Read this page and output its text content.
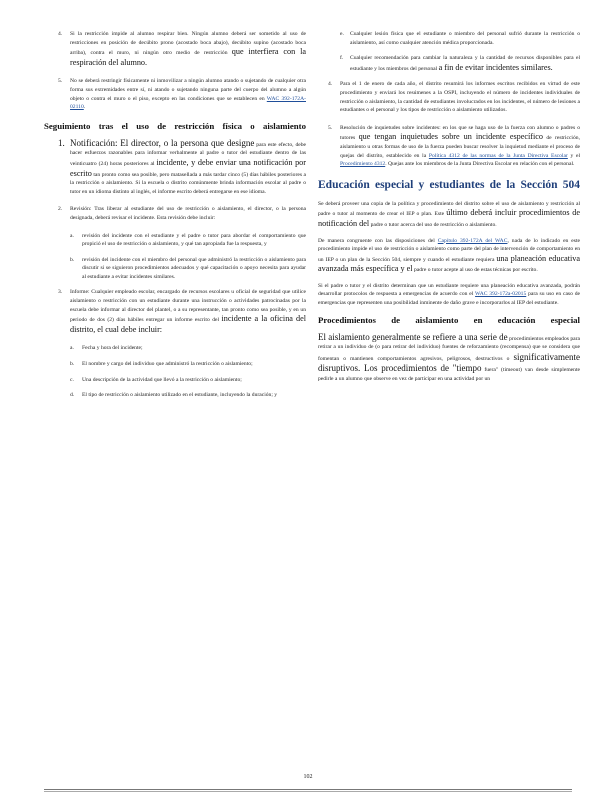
4. Si la restricción impide al alumno respirar bien. Ningún alumno deberá ser sometido al uso de restricciones en posición de decúbito prono (acostado boca abajo), decúbito supino (acostado boca arriba), contra el muro, ni ningún otro medio de restricción que interfiera con la respiración del alumno.
5. No se deberá restringir físicamente ni inmovilizar a ningún alumno atando o sujetando de cualquier otra forma sus extremidades entre sí, ni atando o sujetando ninguna parte del cuerpo del alumno a algún objeto o contra el muro o el piso, excepto en las condiciones que se establecen en WAC 392-172A-02110.
Seguimiento tras el uso de restricción física o aislamiento
1. Notificación: El director, o la persona que designe para este efecto, debe hacer esfuerzos razonables para informar verbalmente al padre o tutor del estudiante dentro de las veinticuatro (24) horas posteriores al incidente, y debe enviar una notificación por escrito tan pronto como sea posible, pero matasellada a más tardar cinco (5) días hábiles posteriores a la restricción o aislamiento. Si la escuela o distrito comúnmente brinda información escolar al padre o tutor en un idioma distinto al inglés, el informe escrito deberá entregarse en ese idioma.
2. Revisión: Tras liberar al estudiante del uso de restricción o aislamiento, el director, o la persona designada, deberá revisar el incidente. Esta revisión debe incluir:
a. revisión del incidente con el estudiante y el padre o tutor para abordar el comportamiento que propició el uso de restricción o aislamiento, y qué tan apropiada fue la respuesta, y
b. revisión del incidente con el miembro del personal que administró la restricción o aislamiento para discutir si se siguieron procedimientos adecuados y qué capacitación o apoyo necesita para ayudar al estudiante a evitar incidentes similares.
3. Informe: Cualquier empleado escolar, encargado de recursos escolares u oficial de seguridad que utilice aislamiento o restricción con un estudiante durante una instrucción o actividades patrocinadas por la escuela debe informar al director del plantel, o a su representante, tan pronto como sea posible, y en un periodo de dos (2) días hábiles entregar un informe escrito del incidente a la oficina del distrito, el cual debe incluir:
a. Fecha y hora del incidente;
b. El nombre y cargo del individuo que administró la restricción o aislamiento;
c. Una descripción de la actividad que llevó a la restricción o aislamiento;
d. El tipo de restricción o aislamiento utilizado en el estudiante, incluyendo la duración; y
e. Cualquier lesión física que el estudiante o miembro del personal sufrió durante la restricción o aislamiento, así como cualquier atención médica proporcionada.
f. Cualquier recomendación para cambiar la naturaleza y la cantidad de recursos disponibles para el estudiante y los miembros del personal a fin de evitar incidentes similares.
4. Para el 1 de enero de cada año, el distrito resumirá los informes escritos recibidos en virtud de este procedimiento y enviará los resúmenes a la OSPI, incluyendo el número de incidentes individuales de restricción o aislamiento, la cantidad de estudiantes involucrados en los incidentes, el número de lesiones a estudiantes o el personal y los tipos de restricción o aislamiento utilizados.
5. Resolución de inquietudes sobre incidentes: en los que se haga uso de la fuerza con alumno o padres o tutores que tengan inquietudes sobre un incidente específico de restricción, aislamiento u otras formas de uso de la fuerza pueden buscar resolver la inquietud mediante el proceso de quejas del distrito, establecido en la Política 4312 de las normas de la Junta Directiva Escolar y el Procedimiento 4312. Quejas ante los miembros de la Junta Directiva Escolar en relación con el personal.
Educación especial y estudiantes de la Sección 504

Se deberá proveer una copia de la política y procedimiento del distrito sobre el uso de aislamiento y restricción al padre o tutor al momento de crear el IEP o plan. Este último deberá incluir procedimientos de notificación del padre o tutor acerca del uso de restricción o aislamiento.

De manera congruente con las disposiciones del Capítulo 392-172A del WAC, nada de lo indicado en este procedimiento impide el uso de restricción o aislamiento como parte del plan de intervención de comportamiento en un IEP o un plan de la Sección 504, siempre y cuando el estudiante requiera una planeación educativa avanzada más específica y el padre o tutor acepte al uso de estas técnicas por escrito.

Si el padre o tutor y el distrito determinan que un estudiante requiere una planeación educativa avanzada, podrán desarrollar protocolos de respuesta a emergencias de acuerdo con el WAC 392-172a-02015 para su uso en caso de emergencias que representen una posibilidad inminente de daño grave e incorporarlos al IEP del estudiante.

Procedimientos de aislamiento en educación especial

El aislamiento generalmente se refiere a una serie de procedimientos empleados para retirar a un individuo de (o para retirar del individuo) fuentes de reforzamiento (recompensa) que se considera que fomentan o mantienen comportamientos agresivos, peligrosos, destructivos o significativamente disruptivos. Los procedimientos de "tiempo fuera" (timeout) van desde simplemente pedirle a un alumno que observe en vez de participar en una actividad por un

102
